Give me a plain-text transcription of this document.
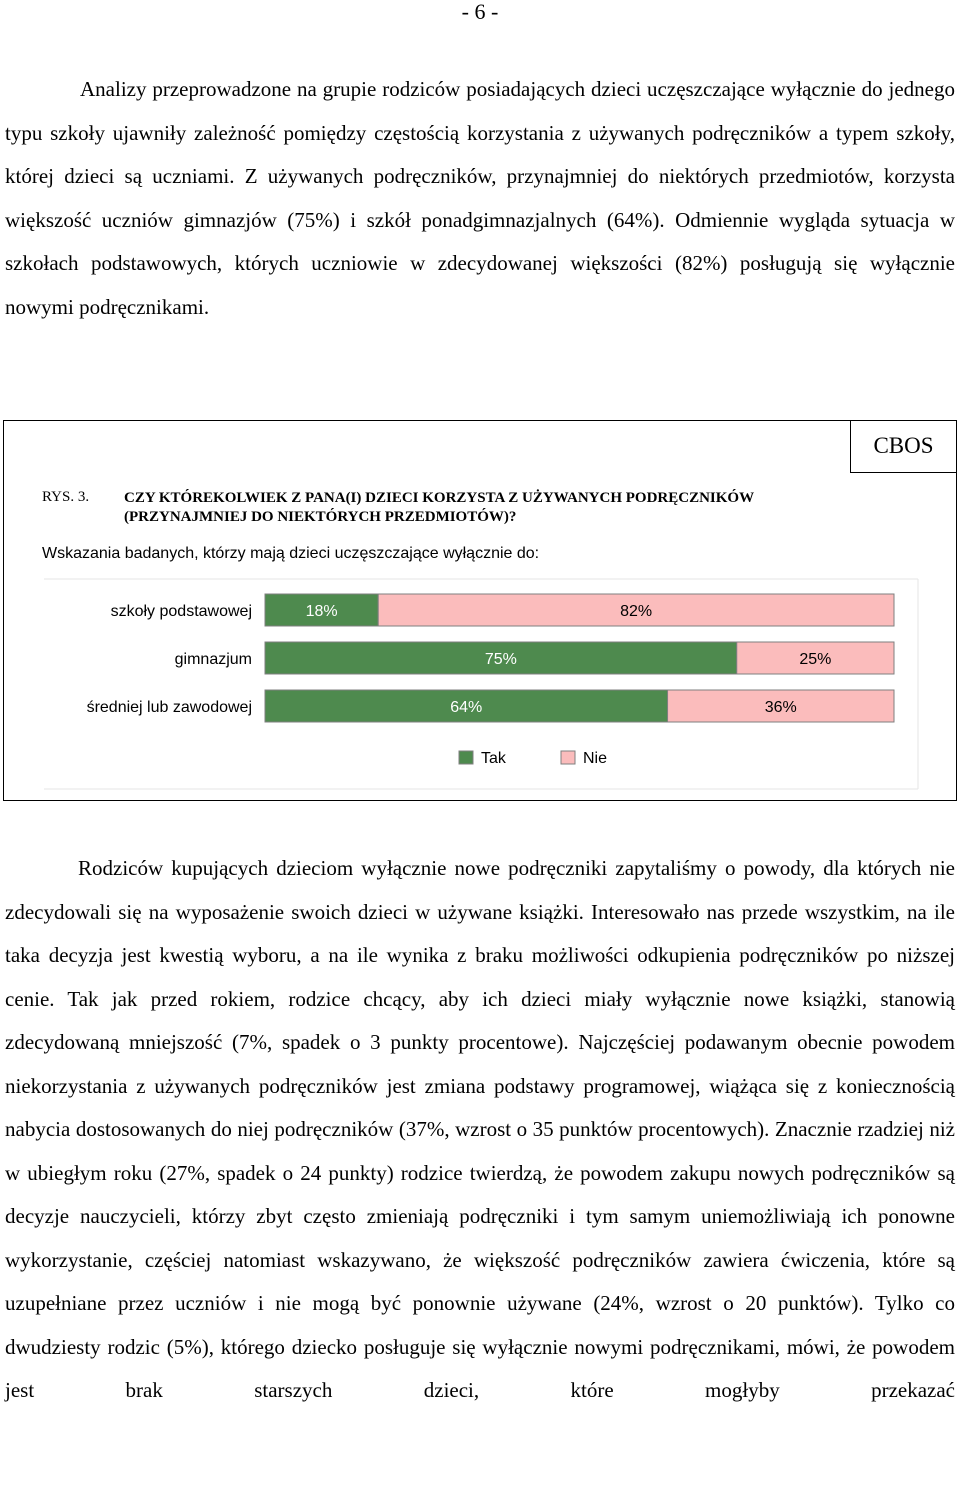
- 6 -

Analizy przeprowadzone na grupie rodziców posiadających dzieci uczęszczające wyłącznie do jednego typu szkoły ujawniły zależność pomiędzy częstością korzystania z używanych podręczników a typem szkoły, której dzieci są uczniami. Z używanych podręczników, przynajmniej do niektórych przedmiotów, korzysta większość uczniów gimnazjów (75%) i szkół ponadgimnazjalnych (64%). Odmiennie wygląda sytuacja w szkołach podstawowych, których uczniowie w zdecydowanej większości (82%) posługują się wyłącznie nowymi podręcznikami.

CBOS
RYS. 3. CZY KTÓREKOLWIEK Z PANA(I) DZIECI KORZYSTA Z UŻYWANYCH PODRĘCZNIKÓW (PRZYNAJMNIEJ DO NIEKTÓRYCH PRZEDMIOTÓW)?
Wskazania badanych, którzy mają dzieci uczęszczające wyłącznie do:
szkoły podstawowej	18%	82%
gimnazjum	75%	25%
średniej lub zawodowej	64%	36%
Tak	Nie

Rodziców kupujących dzieciom wyłącznie nowe podręczniki zapytaliśmy o powody, dla których nie zdecydowali się na wyposażenie swoich dzieci w używane książki. Interesowało nas przede wszystkim, na ile taka decyzja jest kwestią wyboru, a na ile wynika z braku możliwości odkupienia podręczników po niższej cenie. Tak jak przed rokiem, rodzice chcący, aby ich dzieci miały wyłącznie nowe książki, stanowią zdecydowaną mniejszość (7%, spadek o 3 punkty procentowe). Najczęściej podawanym obecnie powodem niekorzystania z używanych podręczników jest zmiana podstawy programowej, wiążąca się z koniecznością nabycia dostosowanych do niej podręczników (37%, wzrost o 35 punktów procentowych). Znacznie rzadziej niż w ubiegłym roku (27%, spadek o 24 punkty) rodzice twierdzą, że powodem zakupu nowych podręczników są decyzje nauczycieli, którzy zbyt często zmieniają podręczniki i tym samym uniemożliwiają ich ponowne wykorzystanie, częściej natomiast wskazywano, że większość podręczników zawiera ćwiczenia, które są uzupełniane przez uczniów i nie mogą być ponownie używane (24%, wzrost o 20 punktów). Tylko co dwudziesty rodzic (5%), którego dziecko posługuje się wyłącznie nowymi podręcznikami, mówi, że powodem jest brak starszych dzieci, które mogłyby przekazać
